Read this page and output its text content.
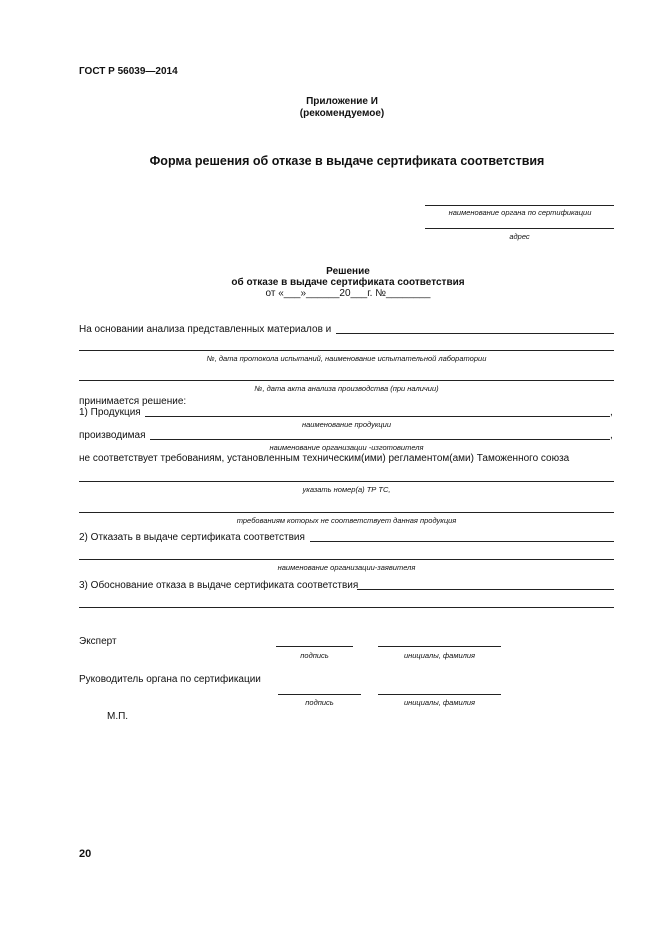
ГОСТ Р 56039—2014
Приложение И
(рекомендуемое)
Форма решения об отказе в выдаче сертификата соответствия
наименование органа по сертификации
адрес
Решение
об отказе в выдаче сертификата соответствия
от «___»______20___г. №________
На основании анализа представленных материалов и
№, дата протокола испытаний, наименование испытательной лаборатории
№, дата акта анализа производства (при наличии)
принимается решение:
1) Продукция	,
наименование продукции
производимая	,
наименование организации -изготовителя
не соответствует требованиям, установленным техническим(ими) регламентом(ами) Таможенного союза
указать номер(а) ТР ТС,
требованиям которых не соответствует данная продукция
2) Отказать в выдаче сертификата соответствия
наименование организации-заявителя
3) Обоснование отказа в выдаче сертификата соответствия
Эксперт
подпись	инициалы, фамилия
Руководитель органа по сертификации
подпись	инициалы, фамилия
М.П.
20
